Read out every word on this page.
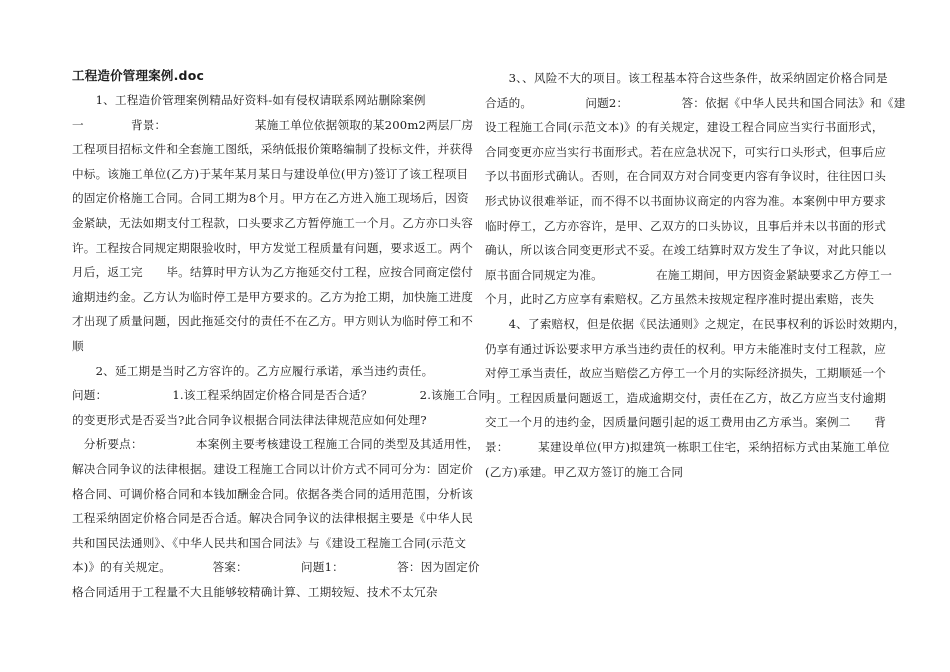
工程造价管理案例.doc
　　1、工程造价管理案例精品好资料-如有侵权请联系网站删除案例
一　　　　背景：　　　　　　　　某施工单位依据领取的某200m2两层厂房
工程项目招标文件和全套施工图纸，采纳低报价策略编制了投标文件，并获得
中标。该施工单位(乙方)于某年某月某日与建设单位(甲方)签订了该工程项目
的固定价格施工合同。合同工期为8个月。甲方在乙方进入施工现场后，因资
金紧缺，无法如期支付工程款，口头要求乙方暂停施工一个月。乙方亦口头容
许。工程按合同规定期限验收时，甲方发觉工程质量有问题，要求返工。两个
月后，返工完　　毕。结算时甲方认为乙方拖延交付工程，应按合同商定偿付
逾期违约金。乙方认为临时停工是甲方要求的。乙方为抢工期，加快施工进度
才出现了质量问题，因此拖延交付的责任不在乙方。甲方则认为临时停工和不
顺
　　2、延工期是当时乙方容许的。乙方应履行承诺，承当违约责任。
问题：　　　　　　1.该工程采纳固定价格合同是否合适？　　　　2.该施工合同
的变更形式是否妥当?此合同争议根据合同法律法律规范应如何处理?
　分析要点：　　　　　本案例主要考核建设工程施工合同的类型及其适用性，
解决合同争议的法律根据。建设工程施工合同以计价方式不同可分为：固定价
格合同、可调价格合同和本钱加酬金合同。依据各类合同的适用范围，分析该
工程采纳固定价格合同是否合适。解决合同争议的法律根据主要是《中华人民
共和国民法通则》、《中华人民共和国合同法》与《建设工程施工合同(示范文
本)》的有关规定。　　　　答案：　　　　　问题1：　　　　　答：因为固定价
格合同适用于工程量不大且能够较精确计算、工期较短、技术不太冗杂
　　3、、风险不大的项目。该工程基本符合这些条件，故采纳固定价格合同是
合适的。　　　　　问题2：　　　　　答：依据《中华人民共和国合同法》和《建
设工程施工合同(示范文本)》的有关规定，建设工程合同应当实行书面形式，
合同变更亦应当实行书面形式。若在应急状况下，可实行口头形式，但事后应
予以书面形式确认。否则，在合同双方对合同变更内容有争议时，往往因口头
形式协议很难举证，而不得不以书面协议商定的内容为准。本案例中甲方要求
临时停工，乙方亦容许，是甲、乙双方的口头协议，且事后并未以书面的形式
确认，所以该合同变更形式不妥。在竣工结算时双方发生了争议，对此只能以
原书面合同规定为准。　　　　　在施工期间，甲方因资金紧缺要求乙方停工一
个月，此时乙方应享有索赔权。乙方虽然未按规定程序准时提出索赔，丧失
　　4、了索赔权，但是依据《民法通则》之规定，在民事权利的诉讼时效期内，
仍享有通过诉讼要求甲方承当违约责任的权利。甲方未能准时支付工程款，应
对停工承当责任，故应当赔偿乙方停工一个月的实际经济损失，工期顺延一个
月。工程因质量问题返工，造成逾期交付，责任在乙方，故乙方应当支付逾期
交工一个月的违约金，因质量问题引起的返工费用由乙方承当。案例二　　背
景：　　　某建设单位(甲方)拟建筑一栋职工住宅，采纳招标方式由某施工单位
(乙方)承建。甲乙双方签订的施工合同
